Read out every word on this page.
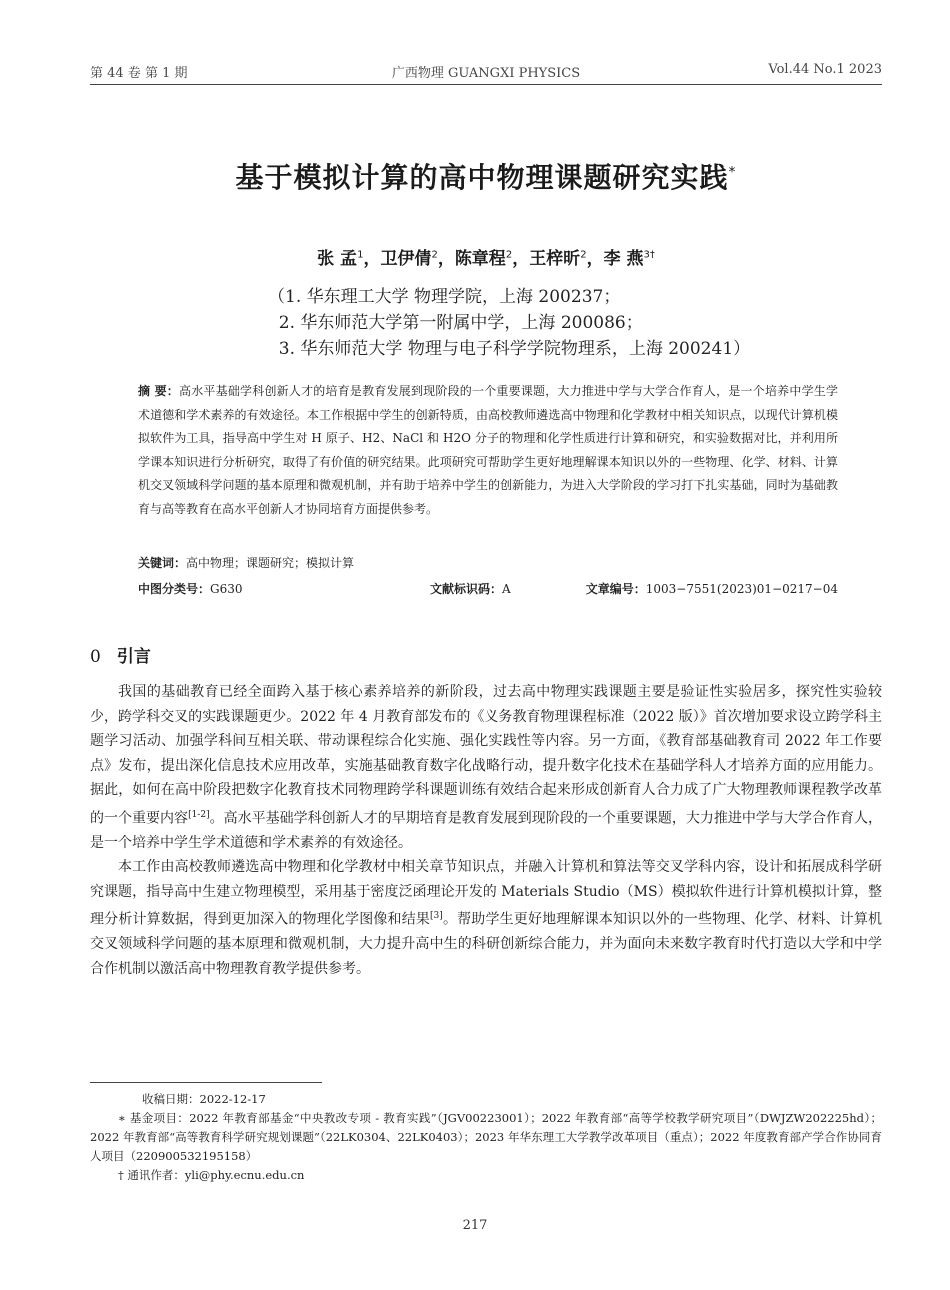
第 44 卷 第 1 期	广西物理 GUANGXI PHYSICS	Vol.44 No.1 2023
基于模拟计算的高中物理课题研究实践*
张 孟$^1$，卫伊倩$^2$，陈章程$^2$，王梓昕$^2$，李 燕$^{3\dagger}$
（1. 华东理工大学 物理学院，上海 200237；
2. 华东师范大学第一附属中学，上海 200086；
3. 华东师范大学 物理与电子科学学院物理系，上海 200241）
摘 要：高水平基础学科创新人才的培育是教育发展到现阶段的一个重要课题，大力推进中学与大学合作育人，是一个培养中学生学术道德和学术素养的有效途径。本工作根据中学生的创新特质，由高校教师遴选高中物理和化学教材中相关知识点，以现代计算机模拟软件为工具，指导高中学生对 H 原子、H2、NaCl 和 H2O 分子的物理和化学性质进行计算和研究，和实验数据对比，并利用所学课本知识进行分析研究，取得了有价值的研究结果。此项研究可帮助学生更好地理解课本知识以外的一些物理、化学、材料、计算机交叉领域科学问题的基本原理和微观机制，并有助于培养中学生的创新能力，为进入大学阶段的学习打下扎实基础，同时为基础教育与高等教育在高水平创新人才协同培育方面提供参考。
关键词：高中物理；课题研究；模拟计算
中图分类号：G630	文献标识码：A	文章编号：1003−7551(2023)01−0217−04
0 引言

我国的基础教育已经全面跨入基于核心素养培养的新阶段，过去高中物理实践课题主要是验证性实验居多，探究性实验较少，跨学科交叉的实践课题更少。2022 年 4 月教育部发布的《义务教育物理课程标准（2022 版）》首次增加要求设立跨学科主题学习活动、加强学科间互相关联、带动课程综合化实施、强化实践性等内容。另一方面，《教育部基础教育司 2022 年工作要点》发布，提出深化信息技术应用改革，实施基础教育数字化战略行动，提升数字化技术在基础学科人才培养方面的应用能力。据此，如何在高中阶段把数字化教育技术同物理跨学科课题训练有效结合起来形成创新育人合力成了广大物理教师课程教学改革的一个重要内容[1-2]。高水平基础学科创新人才的早期培育是教育发展到现阶段的一个重要课题，大力推进中学与大学合作育人，是一个培养中学生学术道德和学术素养的有效途径。

本工作由高校教师遴选高中物理和化学教材中相关章节知识点，并融入计算机和算法等交叉学科内容，设计和拓展成科学研究课题，指导高中生建立物理模型，采用基于密度泛函理论开发的 Materials Studio（MS）模拟软件进行计算机模拟计算，整理分析计算数据，得到更加深入的物理化学图像和结果[3]。帮助学生更好地理解课本知识以外的一些物理、化学、材料、计算机交叉领域科学问题的基本原理和微观机制，大力提升高中生的科研创新综合能力，并为面向未来数字教育时代打造以大学和中学合作机制以激活高中物理教育教学提供参考。

收稿日期：2022-12-17
∗ 基金项目：2022 年教育部基金“中央教改专项 - 教育实践”（JGV00223001）；2022 年教育部“高等学校教学研究项目”（DWJZW202225hd）；2022 年教育部“高等教育科学研究规划课题”（22LK0304、22LK0403）；2023 年华东理工大学教学改革项目（重点）；2022 年度教育部产学合作协同育人项目（220900532195158）
† 通讯作者：yli@phy.ecnu.edu.cn
217
